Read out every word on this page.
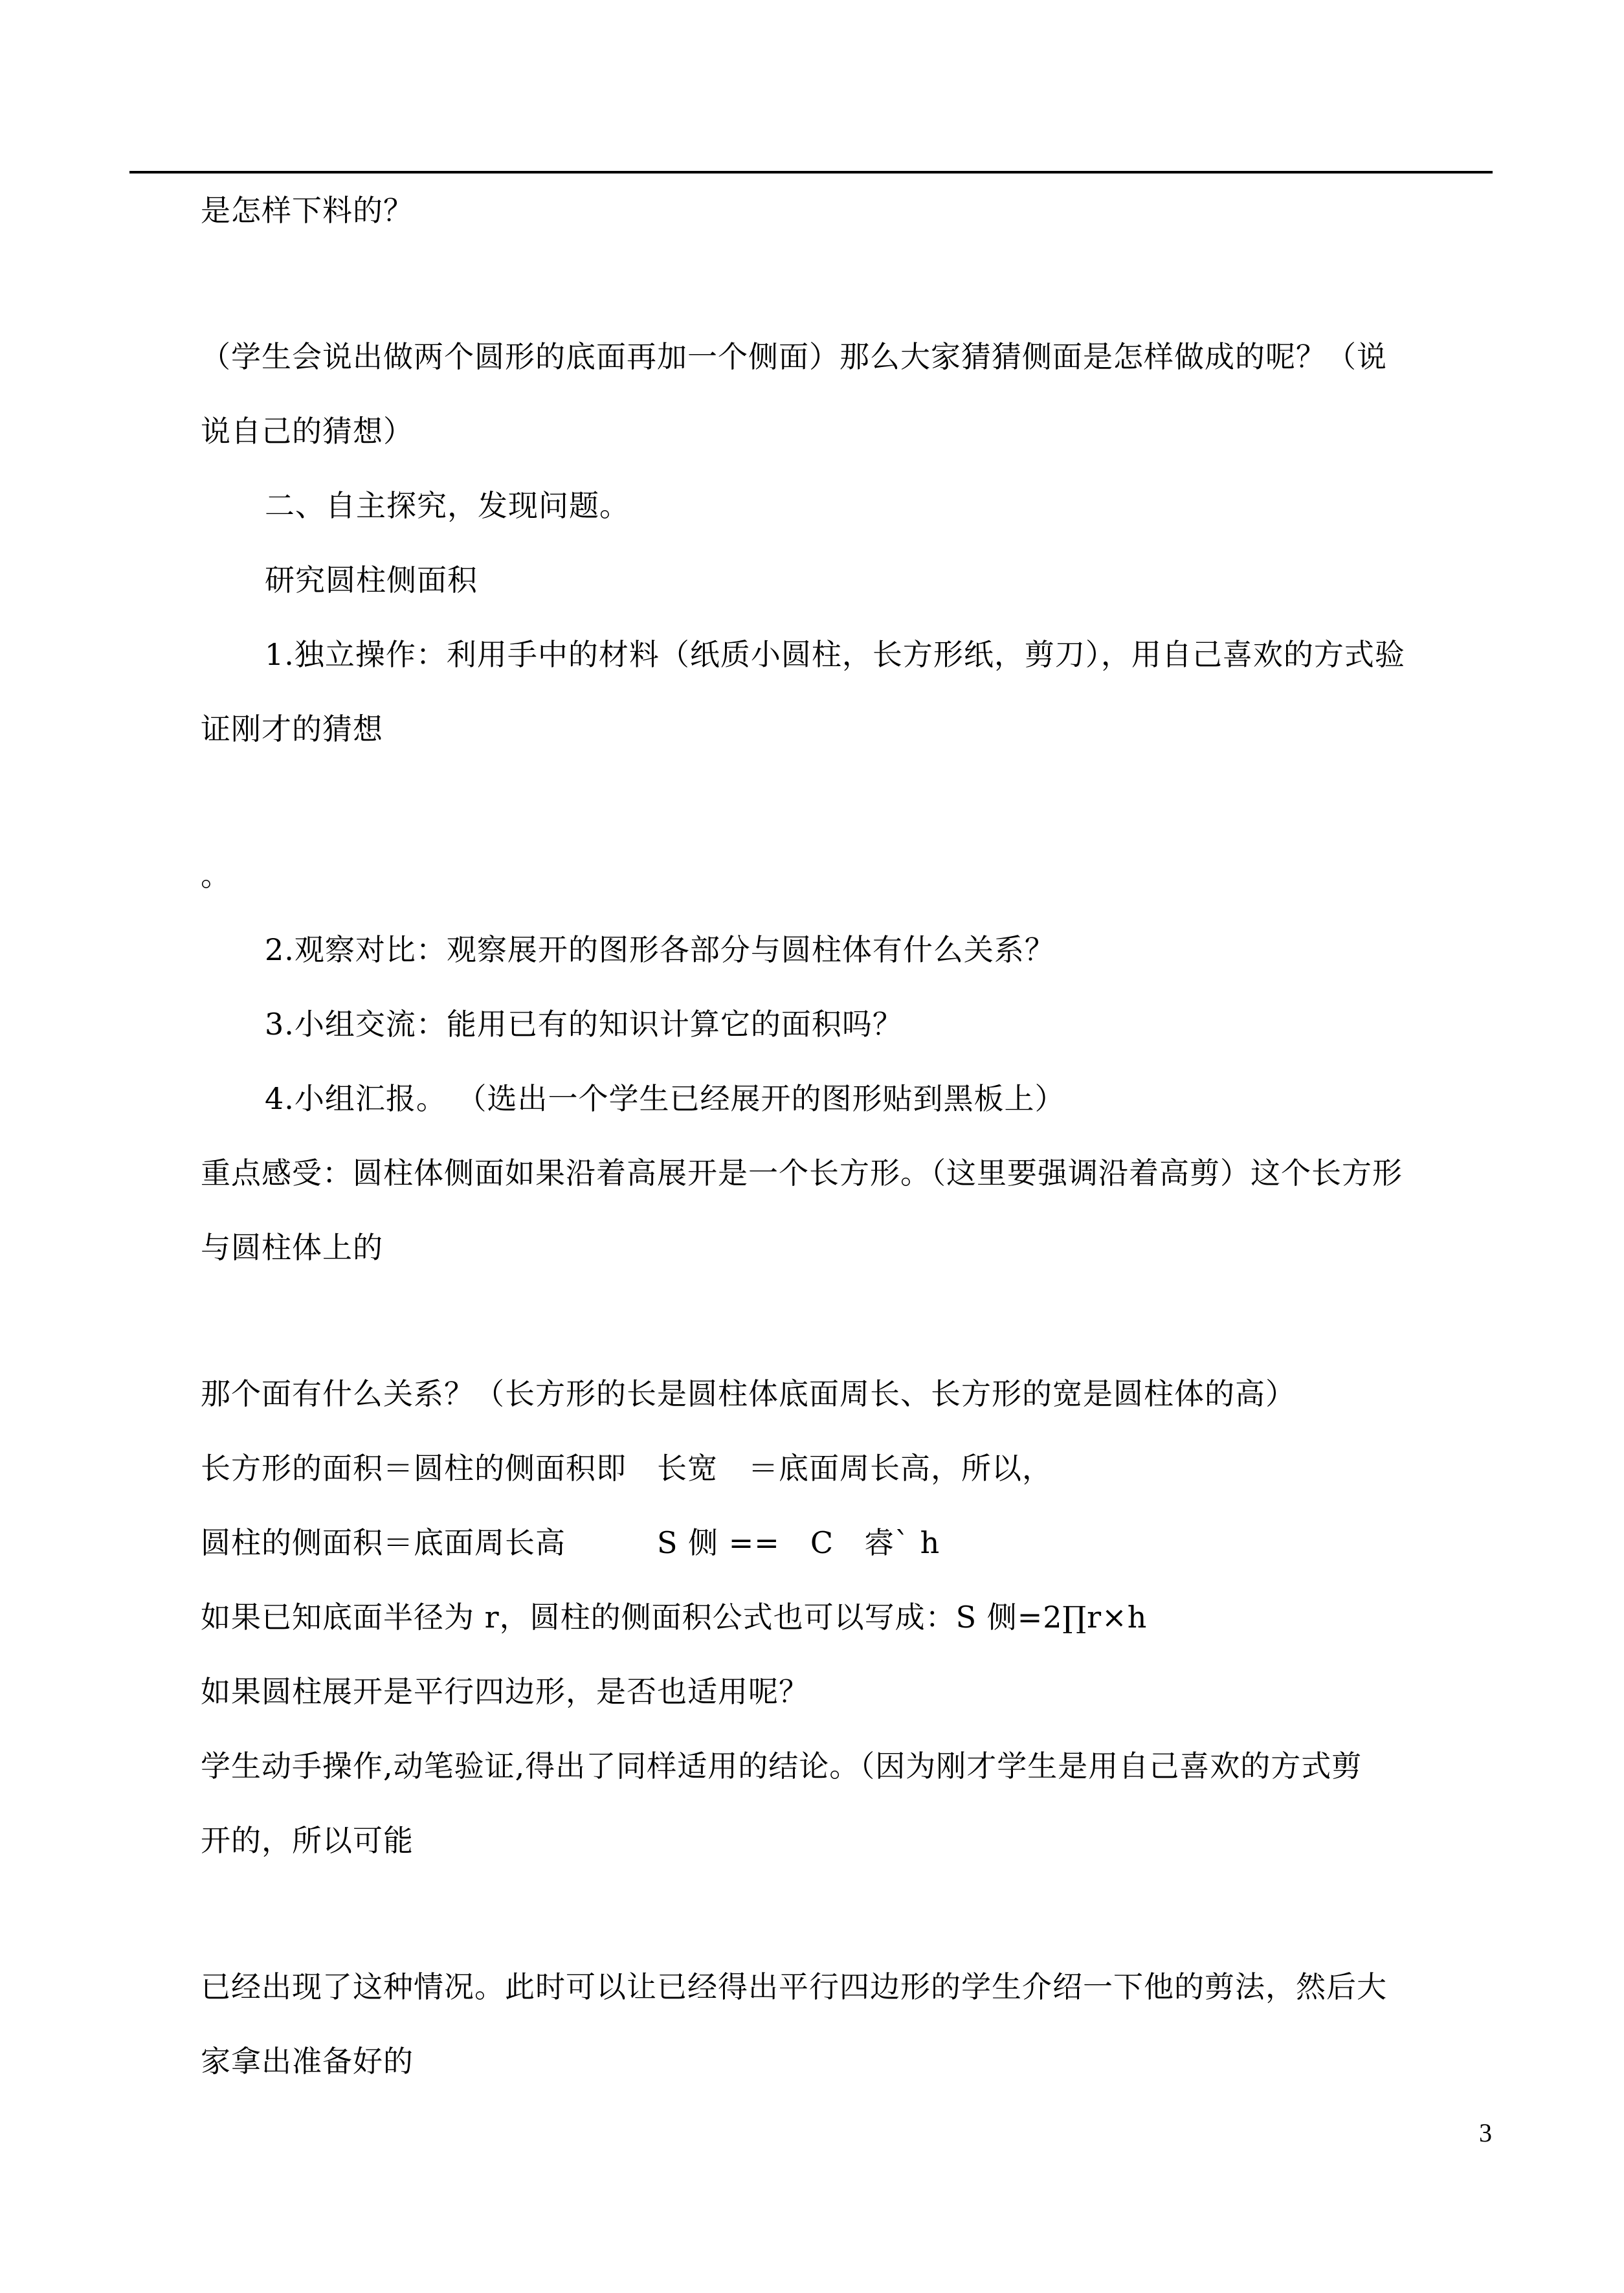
是怎样下料的？
（学生会说出做两个圆形的底面再加一个侧面）那么大家猜猜侧面是怎样做成的呢？（说
说自己的猜想）
二、自主探究，发现问题。
研究圆柱侧面积
1.独立操作：利用手中的材料（纸质小圆柱，长方形纸，剪刀），用自己喜欢的方式验
证刚才的猜想
。
2.观察对比：观察展开的图形各部分与圆柱体有什么关系？
3.小组交流：能用已有的知识计算它的面积吗？
4.小组汇报。 （选出一个学生已经展开的图形贴到黑板上）
重点感受：圆柱体侧面如果沿着高展开是一个长方形。（这里要强调沿着高剪）这个长方形
与圆柱体上的
那个面有什么关系？（长方形的长是圆柱体底面周长、长方形的宽是圆柱体的高）
长方形的面积＝圆柱的侧面积即　长宽　＝底面周长高，所以，
圆柱的侧面积＝底面周长高　　　S 侧 ==　C　䜭ˋ h
如果已知底面半径为 r，圆柱的侧面积公式也可以写成：S 侧=2∏r×h
如果圆柱展开是平行四边形，是否也适用呢？
学生动手操作,动笔验证,得出了同样适用的结论。（因为刚才学生是用自己喜欢的方式剪
开的，所以可能
已经出现了这种情况。此时可以让已经得出平行四边形的学生介绍一下他的剪法，然后大
家拿出准备好的
3
